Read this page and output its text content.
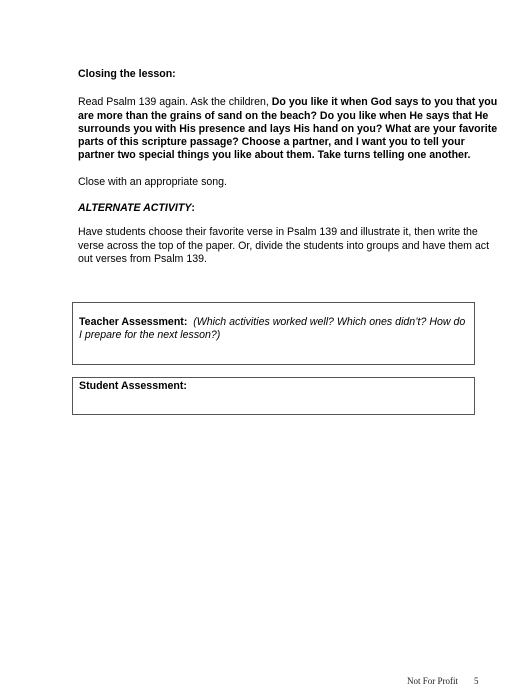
Closing the lesson:
Read Psalm 139 again. Ask the children, Do you like it when God says to you that you are more than the grains of sand on the beach? Do you like when He says that He surrounds you with His presence and lays His hand on you? What are your favorite parts of this scripture passage? Choose a partner, and I want you to tell your partner two special things you like about them. Take turns telling one another.
Close with an appropriate song.
ALTERNATE ACTIVITY:
Have students choose their favorite verse in Psalm 139 and illustrate it, then write the verse across the top of the paper. Or, divide the students into groups and have them act out verses from Psalm 139.
Teacher Assessment: (Which activities worked well? Which ones didn’t? How do I prepare for the next lesson?)
Student Assessment:
Not For Profit 5
